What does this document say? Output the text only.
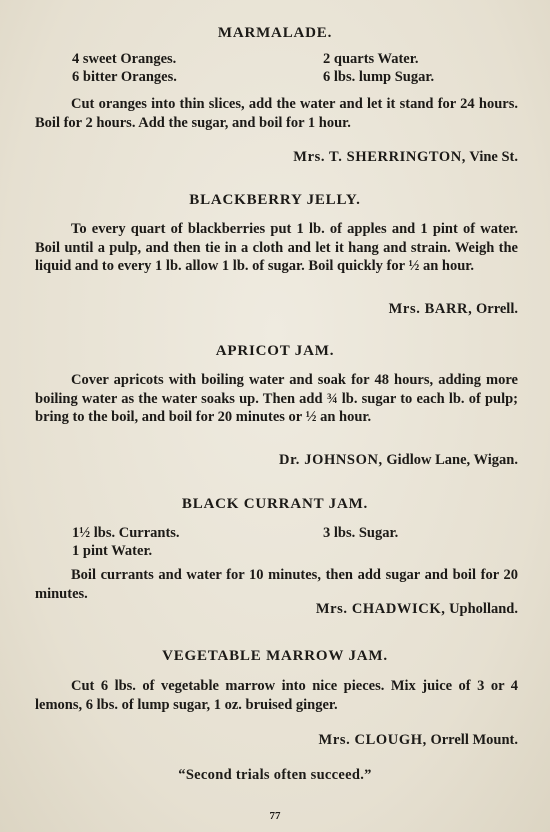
MARMALADE.
4 sweet Oranges.
6 bitter Oranges.
2 quarts Water.
6 lbs. lump Sugar.

Cut oranges into thin slices, add the water and let it stand for 24 hours. Boil for 2 hours. Add the sugar, and boil for 1 hour.

Mrs. T. SHERRINGTON, Vine St.
BLACKBERRY JELLY.

To every quart of blackberries put 1 lb. of apples and 1 pint of water. Boil until a pulp, and then tie in a cloth and let it hang and strain. Weigh the liquid and to every 1 lb. allow 1 lb. of sugar. Boil quickly for ½ an hour.

Mrs. BARR, Orrell.
APRICOT JAM.

Cover apricots with boiling water and soak for 48 hours, adding more boiling water as the water soaks up. Then add ¾ lb. sugar to each lb. of pulp; bring to the boil, and boil for 20 minutes or ½ an hour.

Dr. JOHNSON, Gidlow Lane, Wigan.
BLACK CURRANT JAM.
1½ lbs. Currants.
1 pint Water.
3 lbs. Sugar.

Boil currants and water for 10 minutes, then add sugar and boil for 20 minutes.

Mrs. CHADWICK, Upholland.
VEGETABLE MARROW JAM.

Cut 6 lbs. of vegetable marrow into nice pieces. Mix juice of 3 or 4 lemons, 6 lbs. of lump sugar, 1 oz. bruised ginger.

Mrs. CLOUGH, Orrell Mount.
“Second trials often succeed.”
77
